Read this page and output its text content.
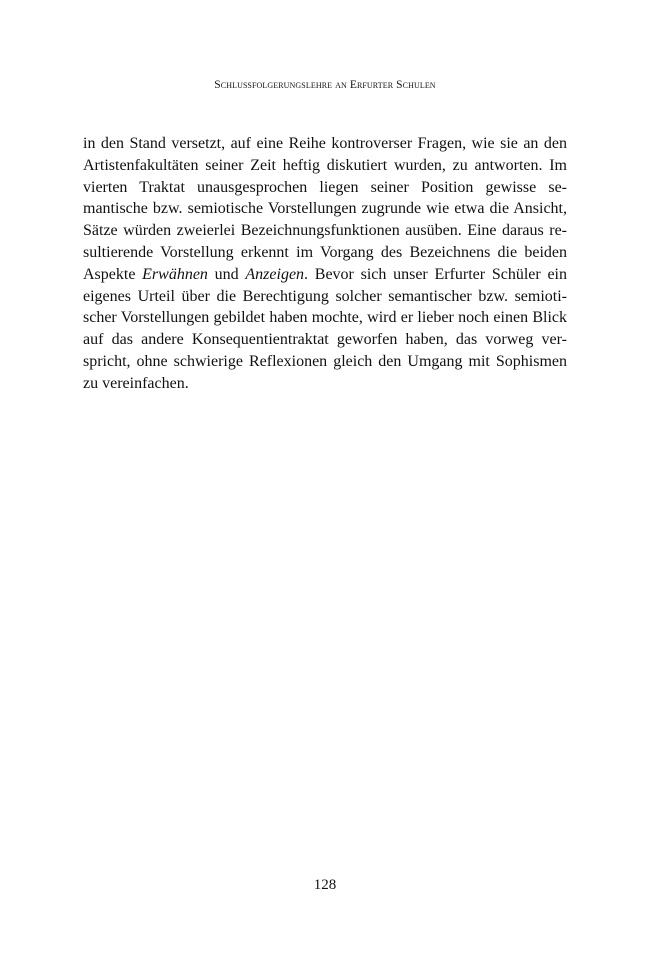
Schlußfolgerungslehre an Erfurter Schulen
in den Stand versetzt, auf eine Reihe kontroverser Fragen, wie sie an den
Artistenfakultäten seiner Zeit heftig diskutiert wurden, zu antworten. Im
vierten Traktat unausgesprochen liegen seiner Position gewisse se-
mantische bzw. semiotische Vorstellungen zugrunde wie etwa die Ansicht,
Sätze würden zweierlei Bezeichnungsfunktionen ausüben. Eine daraus re-
sultierende Vorstellung erkennt im Vorgang des Bezeichnens die beiden
Aspekte Erwähnen und Anzeigen. Bevor sich unser Erfurter Schüler ein
eigenes Urteil über die Berechtigung solcher semantischer bzw. semioti-
scher Vorstellungen gebildet haben mochte, wird er lieber noch einen Blick
auf das andere Konsequentientraktat geworfen haben, das vorweg ver-
spricht, ohne schwierige Reflexionen gleich den Umgang mit Sophismen
zu vereinfachen.
128
